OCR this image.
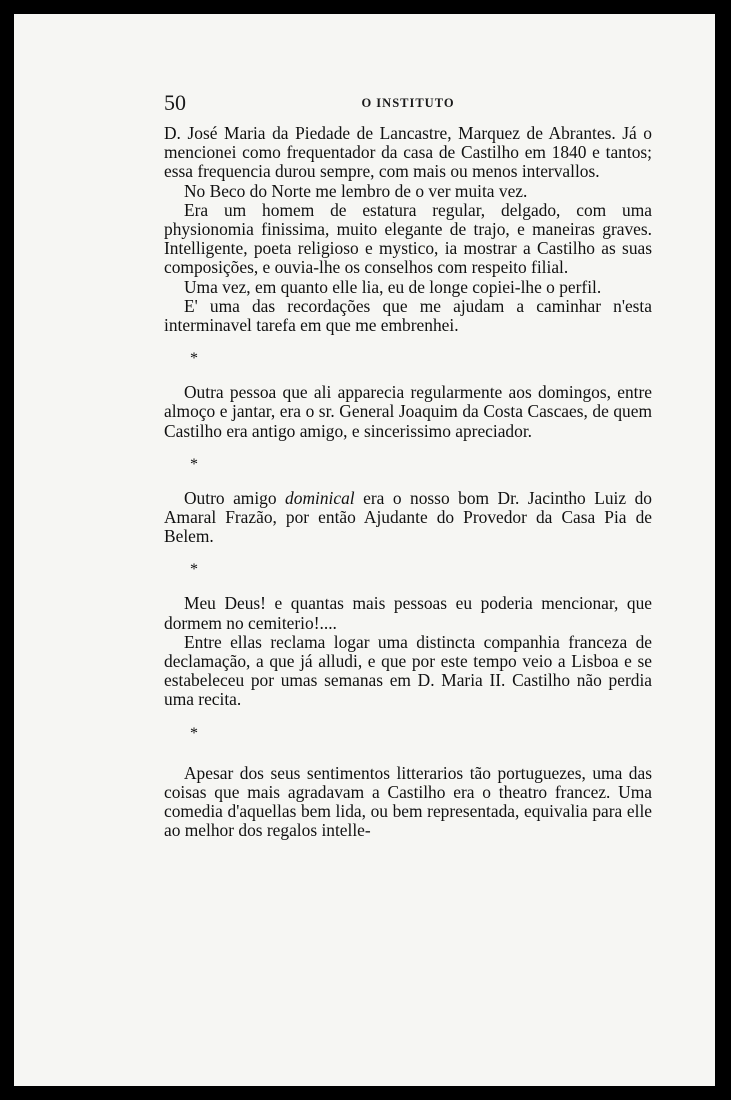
50	O INSTITUTO

D. José Maria da Piedade de Lancastre, Marquez de Abrantes. Já o mencionei como frequentador da casa de Castilho em 1840 e tantos; essa frequencia durou sempre, com mais ou menos intervallos.

No Beco do Norte me lembro de o ver muita vez.

Era um homem de estatura regular, delgado, com uma physionomia finissima, muito elegante de trajo, e maneiras graves. Intelligente, poeta religioso e mystico, ia mostrar a Castilho as suas composições, e ouvia-lhe os conselhos com respeito filial.

Uma vez, em quanto elle lia, eu de longe copiei-lhe o perfil.

E' uma das recordações que me ajudam a caminhar n'esta interminavel tarefa em que me embrenhei.

*

Outra pessoa que ali apparecia regularmente aos domingos, entre almoço e jantar, era o sr. General Joaquim da Costa Cascaes, de quem Castilho era antigo amigo, e sincerissimo apreciador.

*

Outro amigo dominical era o nosso bom Dr. Jacintho Luiz do Amaral Frazão, por então Ajudante do Provedor da Casa Pia de Belem.

*

Meu Deus! e quantas mais pessoas eu poderia mencionar, que dormem no cemiterio!....

Entre ellas reclama logar uma distincta companhia franceza de declamação, a que já alludi, e que por este tempo veio a Lisboa e se estabeleceu por umas semanas em D. Maria II. Castilho não perdia uma recita.

*

Apesar dos seus sentimentos litterarios tão portuguezes, uma das coisas que mais agradavam a Castilho era o theatro francez. Uma comedia d'aquellas bem lida, ou bem representada, equivalia para elle ao melhor dos regalos intelle-
